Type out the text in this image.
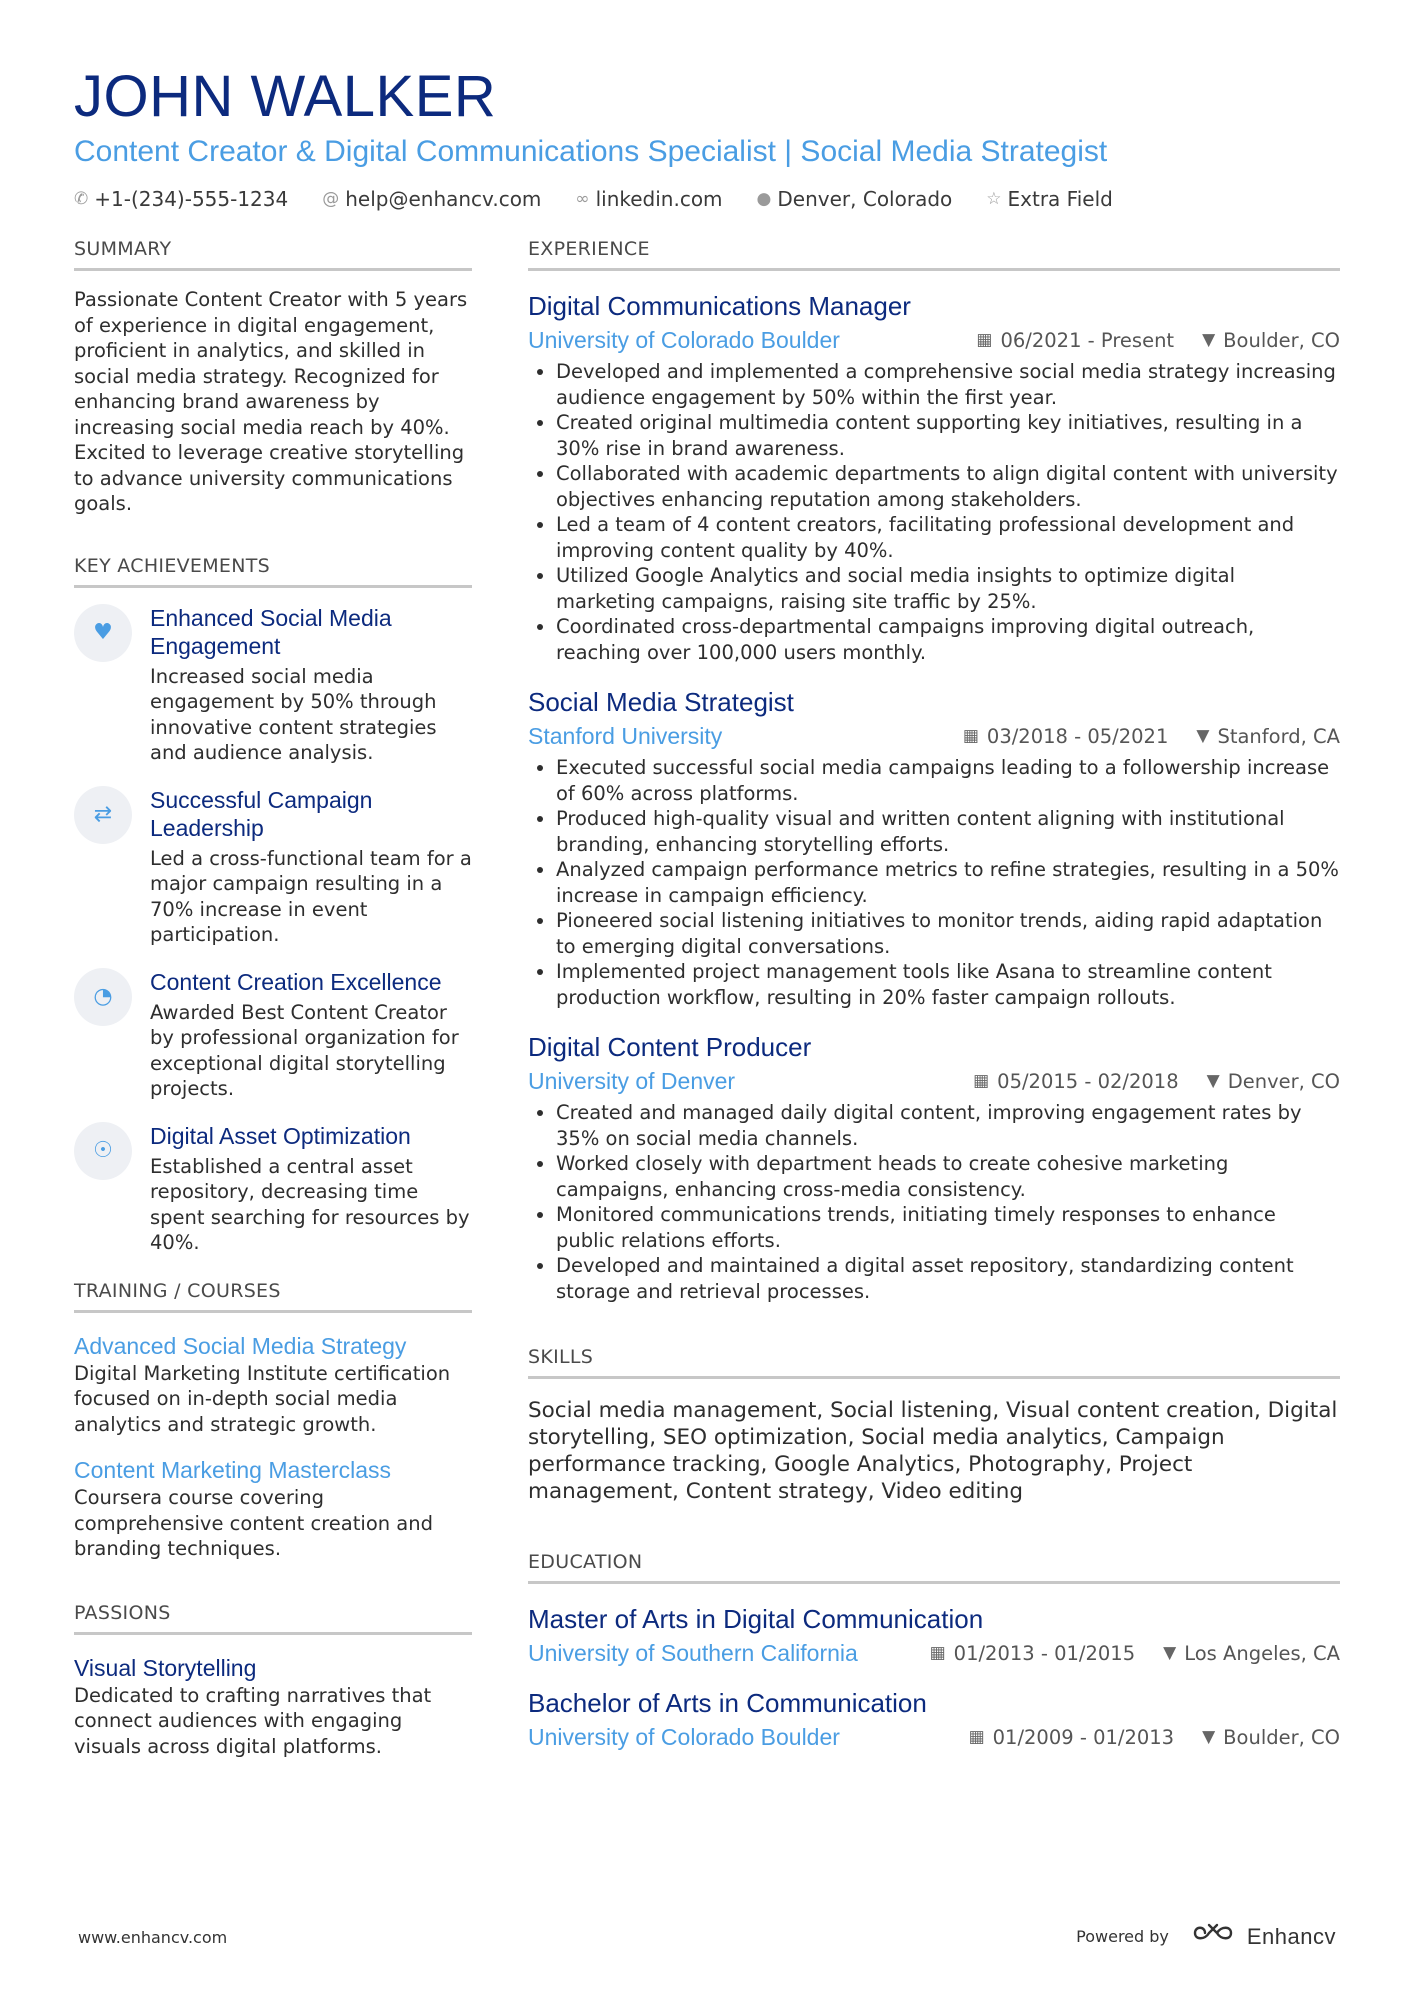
JOHN WALKER
Content Creator & Digital Communications Specialist | Social Media Strategist
✆ +1-(234)-555-1234 @ help@enhancv.com ∞ linkedin.com ● Denver, Colorado ☆ Extra Field
SUMMARY
Passionate Content Creator with 5 years of experience in digital engagement, proficient in analytics, and skilled in social media strategy. Recognized for enhancing brand awareness by increasing social media reach by 40%. Excited to leverage creative storytelling to advance university communications goals.
KEY ACHIEVEMENTS
♥
Enhanced Social Media Engagement
Increased social media engagement by 50% through innovative content strategies and audience analysis.
⇄
Successful Campaign Leadership
Led a cross-functional team for a major campaign resulting in a 70% increase in event participation.
◔
Content Creation Excellence
Awarded Best Content Creator by professional organization for exceptional digital storytelling projects.
☉
Digital Asset Optimization
Established a central asset repository, decreasing time spent searching for resources by 40%.
TRAINING / COURSES
Advanced Social Media Strategy
Digital Marketing Institute certification focused on in-depth social media analytics and strategic growth.
Content Marketing Masterclass
Coursera course covering comprehensive content creation and branding techniques.
PASSIONS
Visual Storytelling
Dedicated to crafting narratives that connect audiences with engaging visuals across digital platforms.
EXPERIENCE
Digital Communications Manager
University of Colorado Boulder	▦ 06/2021 - Present ▼ Boulder, CO
• Developed and implemented a comprehensive social media strategy increasing audience engagement by 50% within the first year.
• Created original multimedia content supporting key initiatives, resulting in a 30% rise in brand awareness.
• Collaborated with academic departments to align digital content with university objectives enhancing reputation among stakeholders.
• Led a team of 4 content creators, facilitating professional development and improving content quality by 40%.
• Utilized Google Analytics and social media insights to optimize digital marketing campaigns, raising site traffic by 25%.
• Coordinated cross-departmental campaigns improving digital outreach, reaching over 100,000 users monthly.
Social Media Strategist
Stanford University	▦ 03/2018 - 05/2021 ▼ Stanford, CA
• Executed successful social media campaigns leading to a followership increase of 60% across platforms.
• Produced high-quality visual and written content aligning with institutional branding, enhancing storytelling efforts.
• Analyzed campaign performance metrics to refine strategies, resulting in a 50% increase in campaign efficiency.
• Pioneered social listening initiatives to monitor trends, aiding rapid adaptation to emerging digital conversations.
• Implemented project management tools like Asana to streamline content production workflow, resulting in 20% faster campaign rollouts.
Digital Content Producer
University of Denver	▦ 05/2015 - 02/2018 ▼ Denver, CO
• Created and managed daily digital content, improving engagement rates by 35% on social media channels.
• Worked closely with department heads to create cohesive marketing campaigns, enhancing cross-media consistency.
• Monitored communications trends, initiating timely responses to enhance public relations efforts.
• Developed and maintained a digital asset repository, standardizing content storage and retrieval processes.
SKILLS
Social media management, Social listening, Visual content creation, Digital storytelling, SEO optimization, Social media analytics, Campaign performance tracking, Google Analytics, Photography, Project management, Content strategy, Video editing
EDUCATION
Master of Arts in Digital Communication
University of Southern California	▦ 01/2013 - 01/2015 ▼ Los Angeles, CA
Bachelor of Arts in Communication
University of Colorado Boulder	▦ 01/2009 - 01/2013 ▼ Boulder, CO
www.enhancv.com	Powered by	Enhancv
